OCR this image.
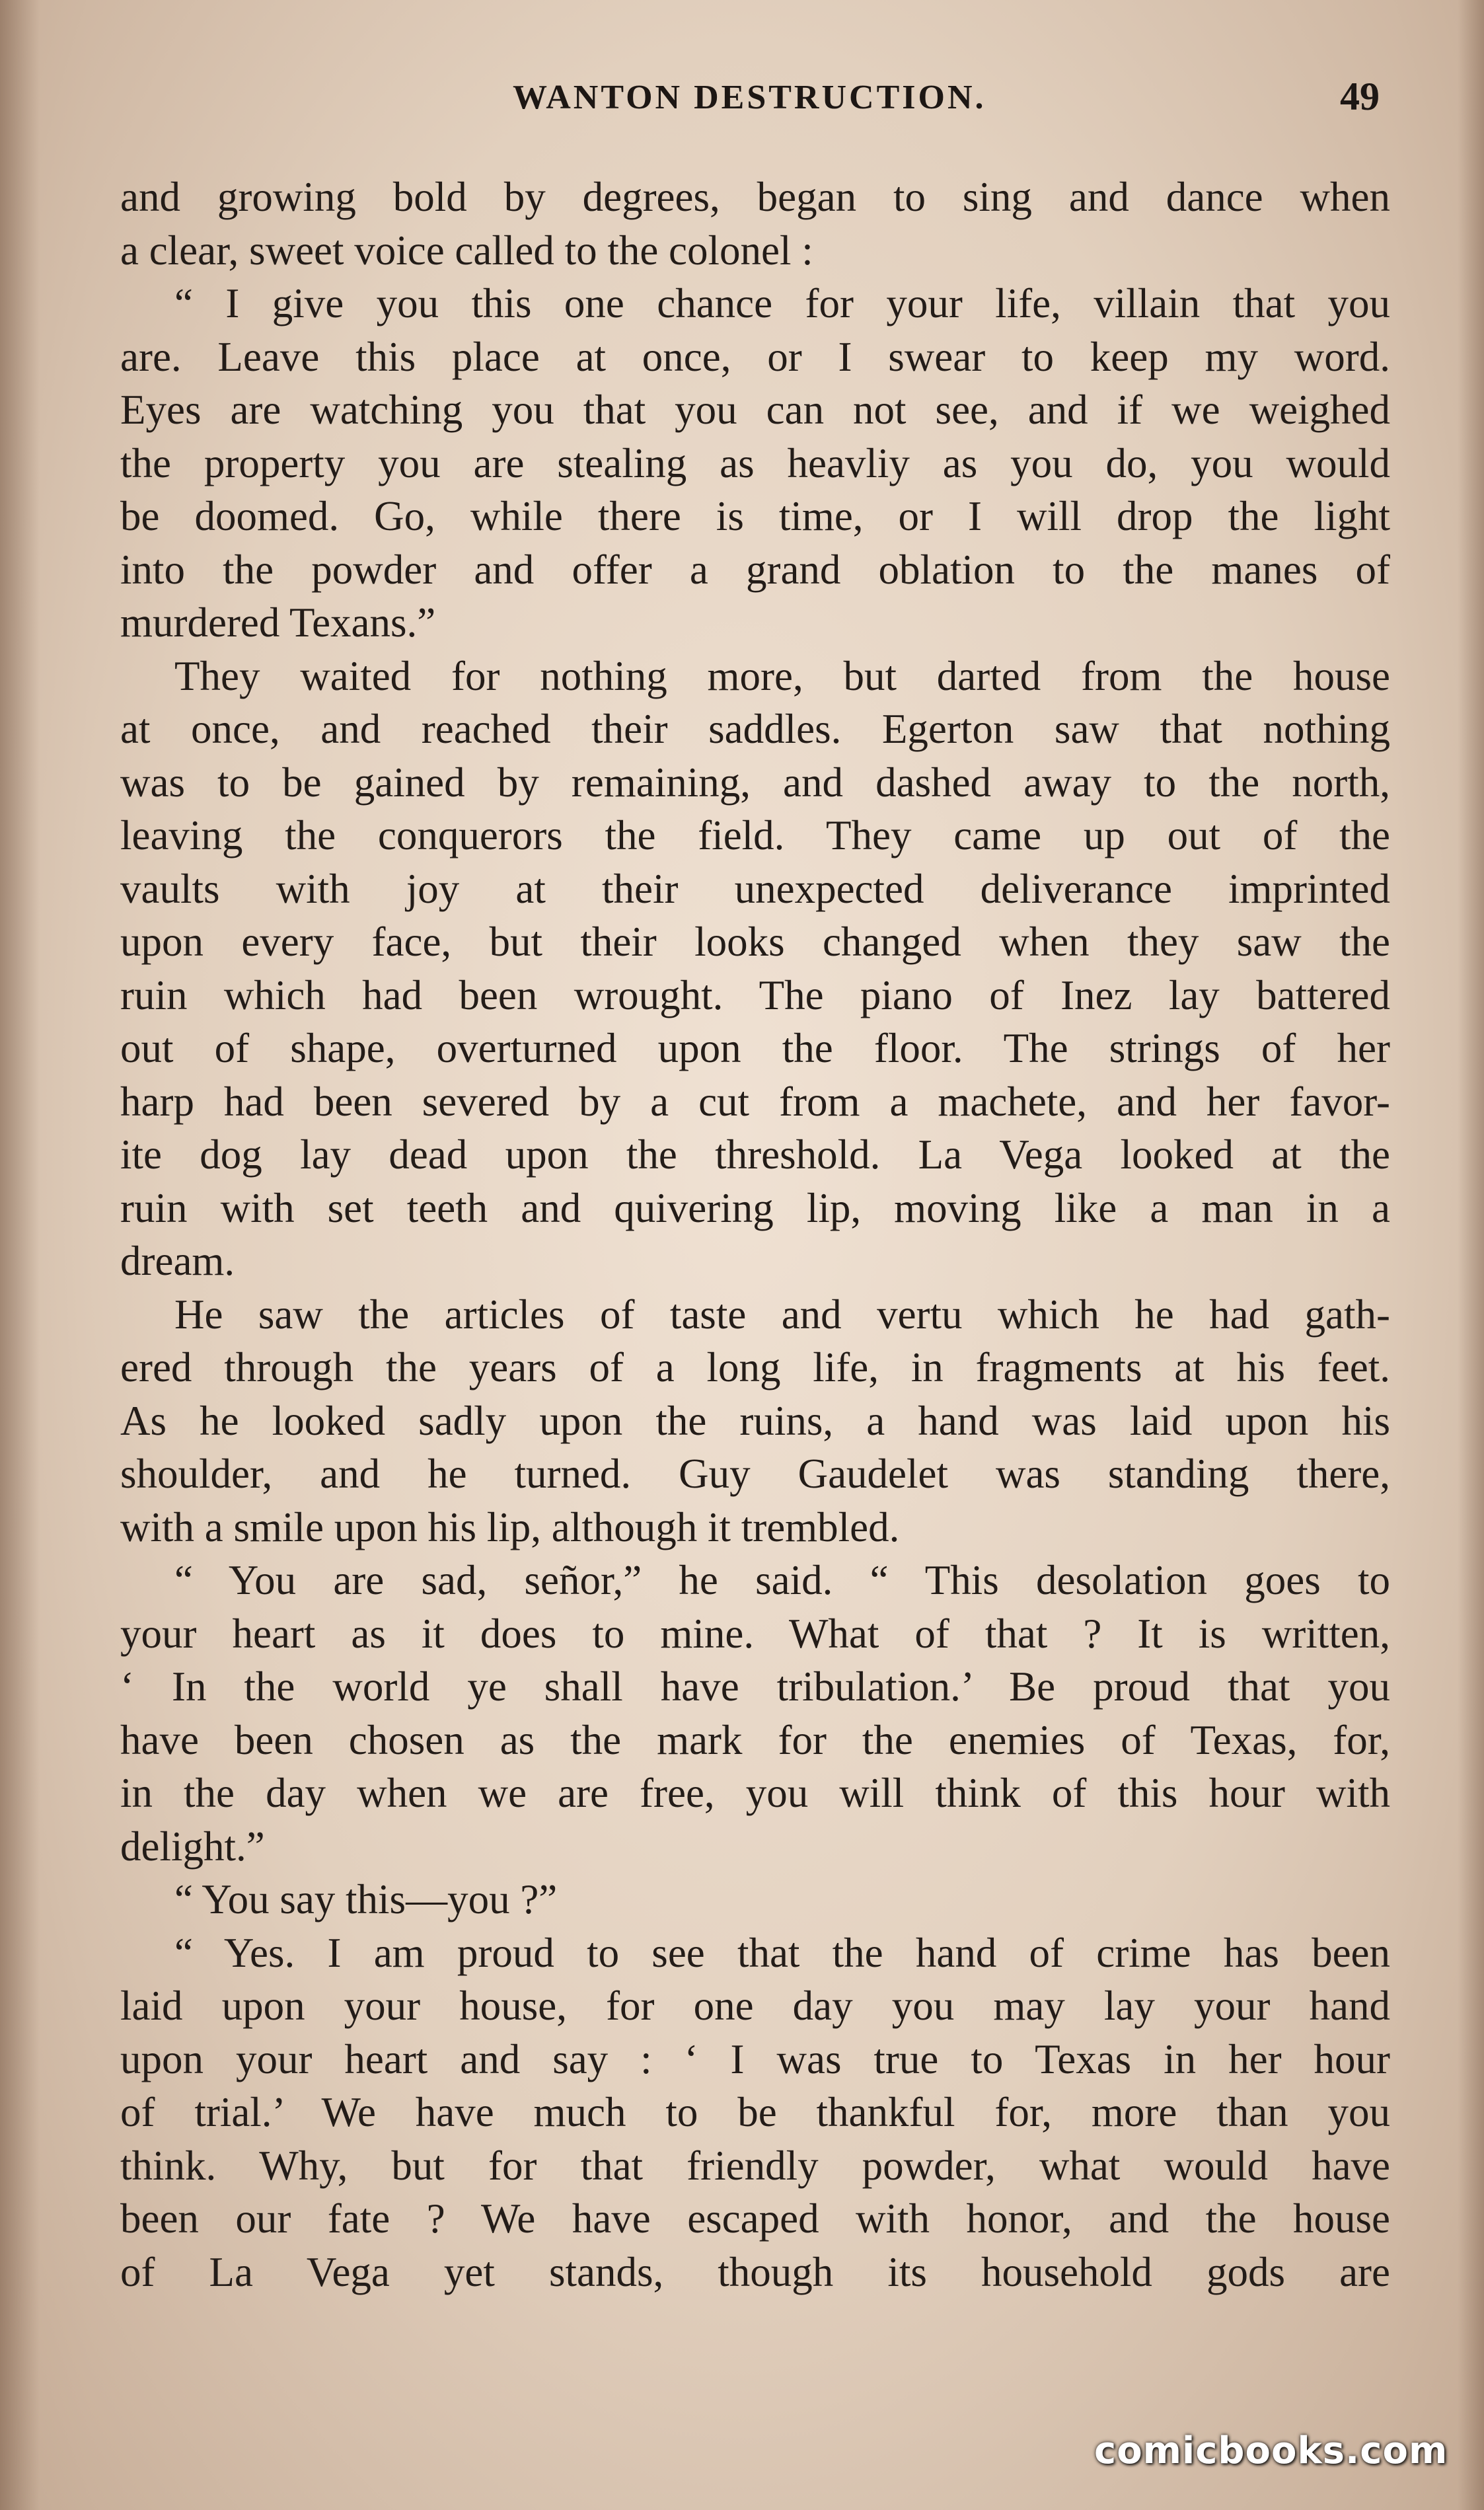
WANTON DESTRUCTION.	49
and growing bold by degrees, began to sing and dance when
a clear, sweet voice called to the colonel :
“ I give you this one chance for your life, villain that you
are. Leave this place at once, or I swear to keep my word.
Eyes are watching you that you can not see, and if we weighed
the property you are stealing as heavliy as you do, you would
be doomed. Go, while there is time, or I will drop the light
into the powder and offer a grand oblation to the manes of
murdered Texans.”
They waited for nothing more, but darted from the house
at once, and reached their saddles. Egerton saw that nothing
was to be gained by remaining, and dashed away to the north,
leaving the conquerors the field. They came up out of the
vaults with joy at their unexpected deliverance imprinted
upon every face, but their looks changed when they saw the
ruin which had been wrought. The piano of Inez lay battered
out of shape, overturned upon the floor. The strings of her
harp had been severed by a cut from a machete, and her favor-
ite dog lay dead upon the threshold. La Vega looked at the
ruin with set teeth and quivering lip, moving like a man in a
dream.
He saw the articles of taste and vertu which he had gath-
ered through the years of a long life, in fragments at his feet.
As he looked sadly upon the ruins, a hand was laid upon his
shoulder, and he turned. Guy Gaudelet was standing there,
with a smile upon his lip, although it trembled.
“ You are sad, señor,” he said. “ This desolation goes to
your heart as it does to mine. What of that ? It is written,
‘ In the world ye shall have tribulation.’ Be proud that you
have been chosen as the mark for the enemies of Texas, for,
in the day when we are free, you will think of this hour with
delight.”
“ You say this—you ?”
“ Yes. I am proud to see that the hand of crime has been
laid upon your house, for one day you may lay your hand
upon your heart and say : ‘ I was true to Texas in her hour
of trial.’ We have much to be thankful for, more than you
think. Why, but for that friendly powder, what would have
been our fate ? We have escaped with honor, and the house
of La Vega yet stands, though its household gods are
comicbooks.com
